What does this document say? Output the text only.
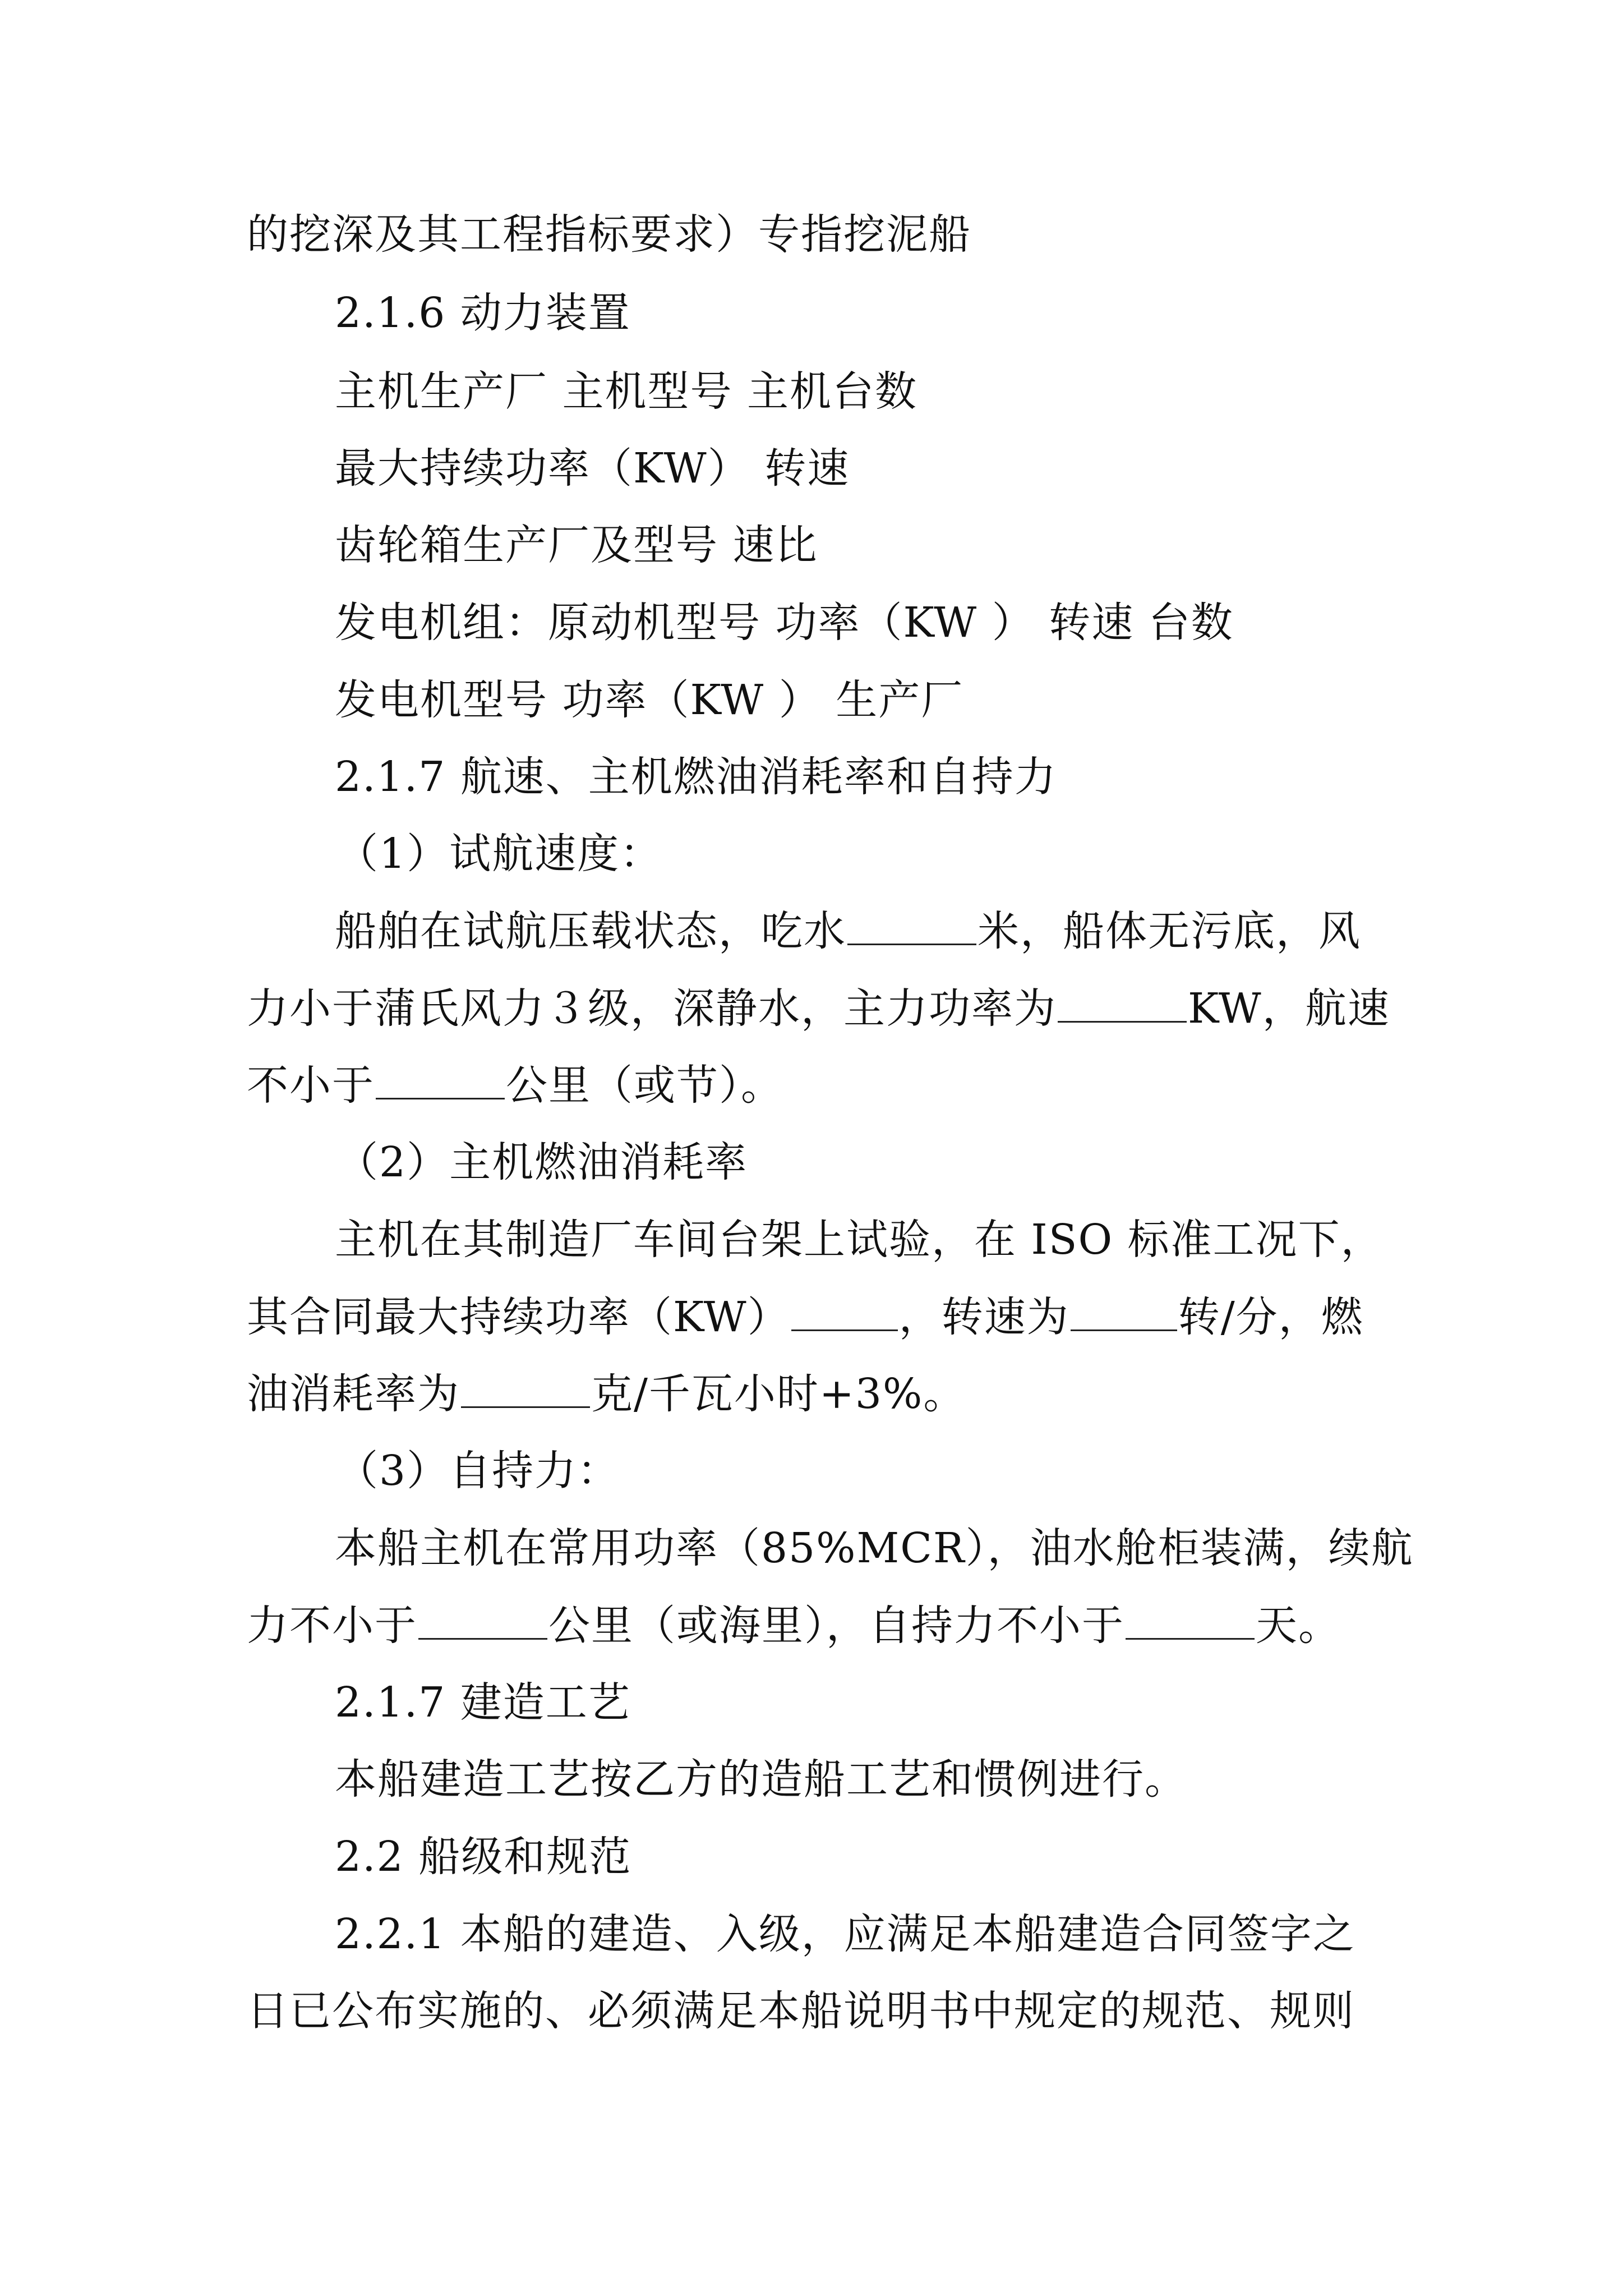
的挖深及其工程指标要求）专指挖泥船
2.1.6 动力装置
主机生产厂 主机型号 主机台数
最大持续功率（KW） 转速
齿轮箱生产厂及型号 速比
发电机组：原动机型号 功率（KW ） 转速 台数
发电机型号 功率（KW ） 生产厂
2.1.7 航速、主机燃油消耗率和自持力
（1）试航速度：
船舶在试航压载状态，吃水	米，船体无污底，风
力小于蒲氏风力３级，深静水，主力功率为	KW，航速
不小于	公里（或节）。
（2）主机燃油消耗率
主机在其制造厂车间台架上试验，在 ISO 标准工况下，
其合同最大持续功率（KW）	，转速为	转/分，燃
油消耗率为	克/千瓦小时+3%。
（3）自持力：
本船主机在常用功率（85%MCR），油水舱柜装满，续航
力不小于	公里（或海里），自持力不小于	天。
2.1.7 建造工艺
本船建造工艺按乙方的造船工艺和惯例进行。
2.2 船级和规范
2.2.1 本船的建造、入级，应满足本船建造合同签字之
日已公布实施的、必须满足本船说明书中规定的规范、规则
